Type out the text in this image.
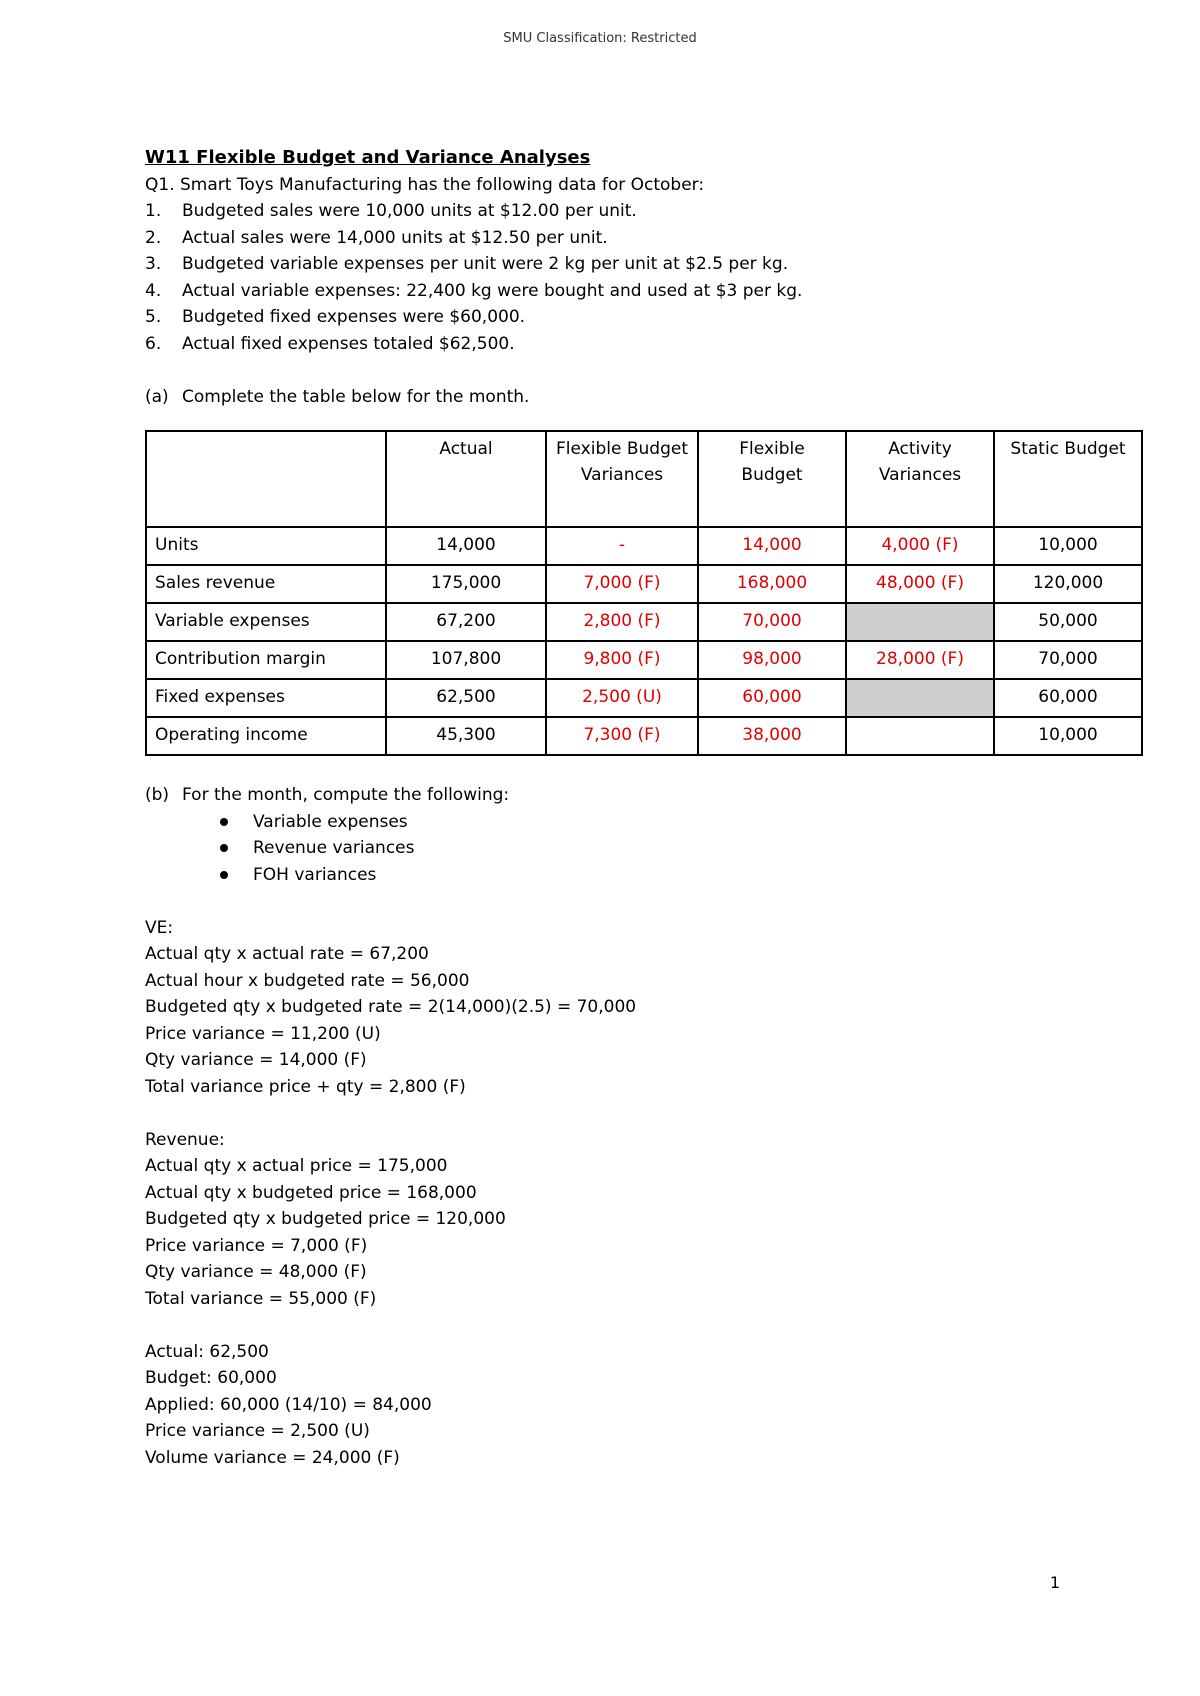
SMU Classification: Restricted
W11 Flexible Budget and Variance Analyses
Q1. Smart Toys Manufacturing has the following data for October:
1.	Budgeted sales were 10,000 units at $12.00 per unit.
2.	Actual sales were 14,000 units at $12.50 per unit.
3.	Budgeted variable expenses per unit were 2 kg per unit at $2.5 per kg.
4.	Actual variable expenses: 22,400 kg were bought and used at $3 per kg.
5.	Budgeted fixed expenses were $60,000.
6.	Actual fixed expenses totaled $62,500.
(a) Complete the table below for the month.
	Actual	Flexible Budget Variances	Flexible Budget	Activity Variances	Static Budget
Units	14,000	-	14,000	4,000 (F)	10,000
Sales revenue	175,000	7,000 (F)	168,000	48,000 (F)	120,000
Variable expenses	67,200	2,800 (F)	70,000		50,000
Contribution margin	107,800	9,800 (F)	98,000	28,000 (F)	70,000
Fixed expenses	62,500	2,500 (U)	60,000		60,000
Operating income	45,300	7,300 (F)	38,000		10,000
(b) For the month, compute the following:
Variable expenses
Revenue variances
FOH variances
VE:
Actual qty x actual rate = 67,200
Actual hour x budgeted rate = 56,000
Budgeted qty x budgeted rate = 2(14,000)(2.5) = 70,000
Price variance = 11,200 (U)
Qty variance = 14,000 (F)
Total variance price + qty = 2,800 (F)
Revenue:
Actual qty x actual price = 175,000
Actual qty x budgeted price = 168,000
Budgeted qty x budgeted price = 120,000
Price variance = 7,000 (F)
Qty variance = 48,000 (F)
Total variance = 55,000 (F)
Actual: 62,500
Budget: 60,000
Applied: 60,000 (14/10) = 84,000
Price variance = 2,500 (U)
Volume variance = 24,000 (F)
1
